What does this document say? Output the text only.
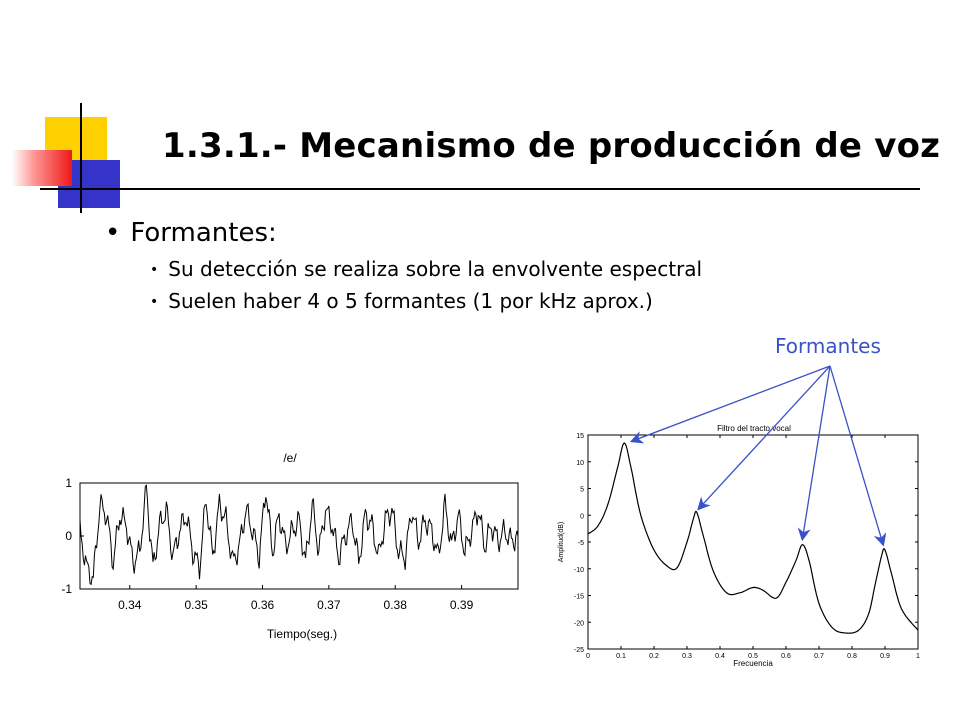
1.3.1.- Mecanismo de producción de voz
• Formantes:
• Su detección se realiza sobre la envolvente espectral
• Suelen haber 4 o 5 formantes (1 por kHz aprox.)
Formantes
/e/
1
0
-1
0.34	0.35	0.36	0.37	0.38	0.39
Tiempo(seg.)
Filtro del tracto vocal
15
10
5
0
-5
-10
-15
-20
-25
0	0.1	0.2	0.3	0.4	0.5	0.6	0.7	0.8	0.9	1
Frecuencia
Amplitud(dB)
